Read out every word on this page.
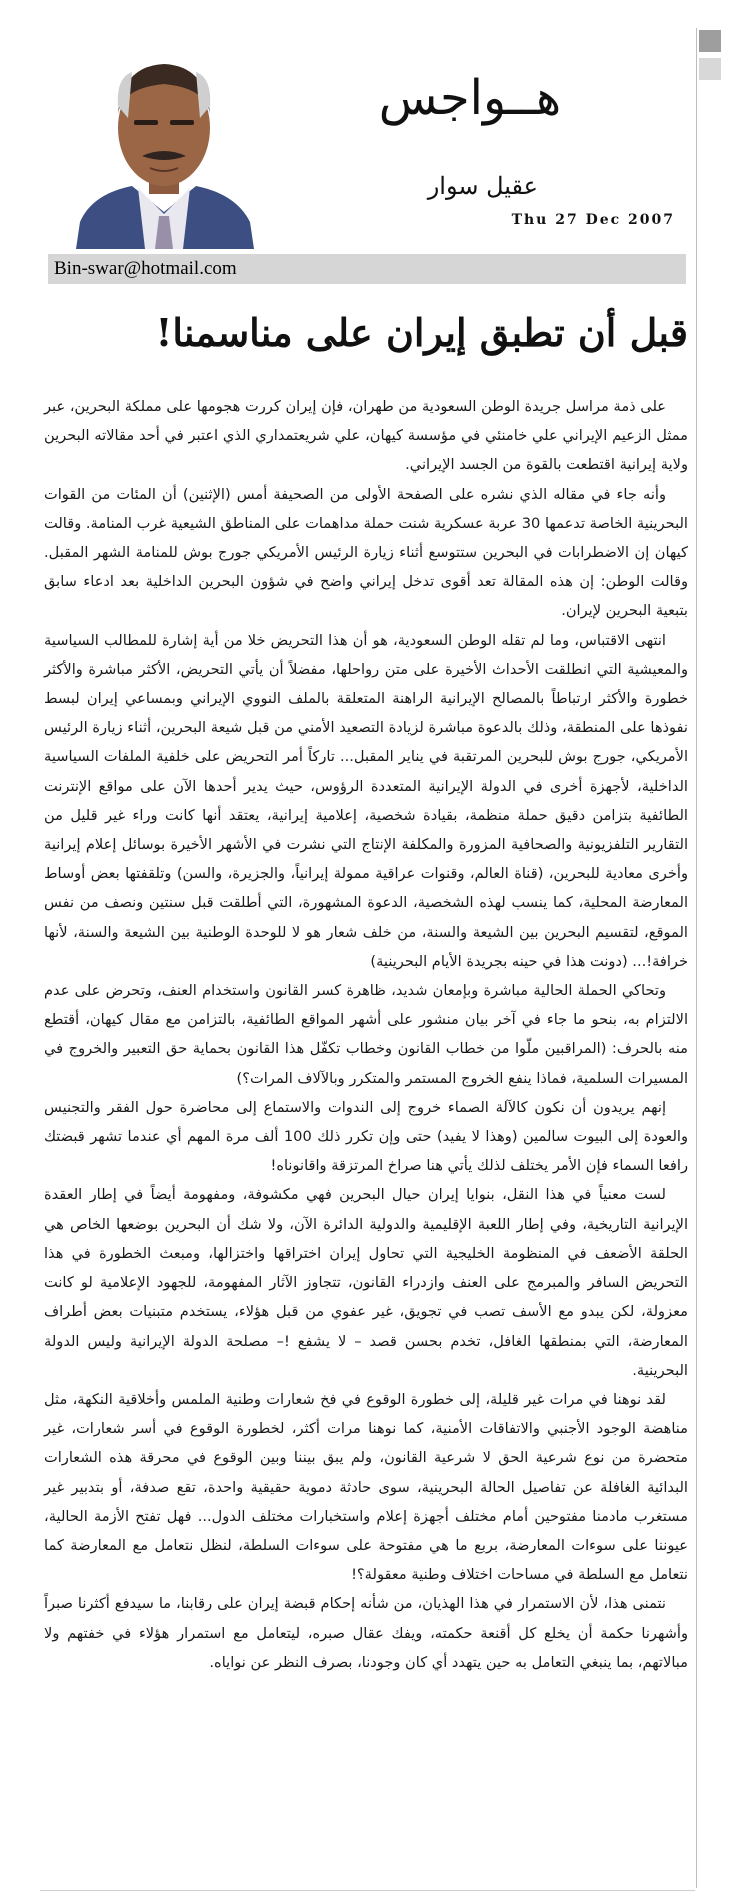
هــواجس
عقيل سوار
Thu 27 Dec 2007
Bin-swar@hotmail.com
قبل أن تطبق إيران على مناسمنا!

على ذمة مراسل جريدة الوطن السعودية من طهران، فإن إيران كررت هجومها على مملكة البحرين، عبر ممثل الزعيم الإيراني علي خامنئي في مؤسسة كيهان، علي شريعتمداري الذي اعتبر في أحد مقالاته البحرين ولاية إيرانية اقتطعت بالقوة من الجسد الإيراني.

وأنه جاء في مقاله الذي نشره على الصفحة الأولى من الصحيفة أمس (الإثنين) أن المئات من القوات البحرينية الخاصة تدعمها 30 عربة عسكرية شنت حملة مداهمات على المناطق الشيعية غرب المنامة. وقالت كيهان إن الاضطرابات في البحرين ستتوسع أثناء زيارة الرئيس الأمريكي جورج بوش للمنامة الشهر المقبل. وقالت الوطن: إن هذه المقالة تعد أقوى تدخل إيراني واضح في شؤون البحرين الداخلية بعد ادعاء سابق بتبعية البحرين لإيران.

انتهى الاقتباس، وما لم تقله الوطن السعودية، هو أن هذا التحريض خلا من أية إشارة للمطالب السياسية والمعيشية التي انطلقت الأحداث الأخيرة على متن رواحلها، مفضلاً أن يأتي التحريض، الأكثر مباشرة والأكثر خطورة والأكثر ارتباطاً بالمصالح الإيرانية الراهنة المتعلقة بالملف النووي الإيراني وبمساعي إيران لبسط نفوذها على المنطقة، وذلك بالدعوة مباشرة لزيادة التصعيد الأمني من قبل شيعة البحرين، أثناء زيارة الرئيس الأمريكي، جورج بوش للبحرين المرتقبة في يناير المقبل... تاركاً أمر التحريض على خلفية الملفات السياسية الداخلية، لأجهزة أخرى في الدولة الإيرانية المتعددة الرؤوس، حيث يدير أحدها الآن على مواقع الإنترنت الطائفية بتزامن دقيق حملة منظمة، بقيادة شخصية، إعلامية إيرانية، يعتقد أنها كانت وراء غير قليل من التقارير التلفزيونية والصحافية المزورة والمكلفة الإنتاج التي نشرت في الأشهر الأخيرة بوسائل إعلام إيرانية وأخرى معادية للبحرين، (قناة العالم، وقنوات عراقية ممولة إيرانياً، والجزيرة، والسن) وتلقفتها بعض أوساط المعارضة المحلية، كما ينسب لهذه الشخصية، الدعوة المشهورة، التي أطلقت قبل سنتين ونصف من نفس الموقع، لتقسيم البحرين بين الشيعة والسنة، من خلف شعار هو لا للوحدة الوطنية بين الشيعة والسنة، لأنها خرافة!... (دونت هذا في حينه بجريدة الأيام البحرينية)

وتحاكي الحملة الحالية مباشرة وبإمعان شديد، ظاهرة كسر القانون واستخدام العنف، وتحرض على عدم الالتزام به، بنحو ما جاء في آخر بيان منشور على أشهر المواقع الطائفية، بالتزامن مع مقال كيهان، أقتطع منه بالحرف: (المراقبين ملّوا من خطاب القانون وخطاب تكفّل هذا القانون بحماية حق التعبير والخروج في المسيرات السلمية، فماذا ينفع الخروج المستمر والمتكرر وبالآلاف المرات؟)

إنهم يريدون أن نكون كالآلة الصماء خروج إلى الندوات والاستماع إلى محاضرة حول الفقر والتجنيس والعودة إلى البيوت سالمين (وهذا لا يفيد) حتى وإن تكرر ذلك 100 ألف مرة المهم أي عندما تشهر قبضتك رافعا السماء فإن الأمر يختلف لذلك يأتي هنا صراخ المرتزقة واقانوناه!

لست معنياً في هذا النقل، بنوايا إيران حيال البحرين فهي مكشوفة، ومفهومة أيضاً في إطار العقدة الإيرانية التاريخية، وفي إطار اللعبة الإقليمية والدولية الدائرة الآن، ولا شك أن البحرين بوضعها الخاص هي الحلقة الأضعف في المنظومة الخليجية التي تحاول إيران اختراقها واختزالها، ومبعث الخطورة في هذا التحريض السافر والمبرمج على العنف وازدراء القانون، تتجاوز الآثار المفهومة، للجهود الإعلامية لو كانت معزولة، لكن يبدو مع الأسف تصب في تجويق، غير عفوي من قبل هؤلاء، يستخدم متبنيات بعض أطراف المعارضة، التي بمنطقها الغافل، تخدم بحسن قصد – لا يشفع !– مصلحة الدولة الإيرانية وليس الدولة البحرينية.

لقد نوهنا في مرات غير قليلة، إلى خطورة الوقوع في فخ شعارات وطنية الملمس وأخلاقية النكهة، مثل مناهضة الوجود الأجنبي والاتفاقات الأمنية، كما نوهنا مرات أكثر، لخطورة الوقوع في أسر شعارات، غير متحضرة من نوع شرعية الحق لا شرعية القانون، ولم يبق بيننا وبين الوقوع في محرقة هذه الشعارات البدائية الغافلة عن تفاصيل الحالة البحرينية، سوى حادثة دموية حقيقية واحدة، تقع صدفة، أو بتدبير غير مستغرب مادمنا مفتوحين أمام مختلف أجهزة إعلام واستخبارات مختلف الدول... فهل تفتح الأزمة الحالية، عيوننا على سوءات المعارضة، بربع ما هي مفتوحة على سوءات السلطة، لنظل نتعامل مع المعارضة كما نتعامل مع السلطة في مساحات اختلاف وطنية معقولة؟!

نتمنى هذا، لأن الاستمرار في هذا الهذيان، من شأنه إحكام قبضة إيران على رقابنا، ما سيدفع أكثرنا صبراً وأشهرنا حكمة أن يخلع كل أقنعة حكمته، ويفك عقال صبره، ليتعامل مع استمرار هؤلاء في خفتهم ولا مبالاتهم، بما ينبغي التعامل به حين يتهدد أي كان وجودنا، بصرف النظر عن نواياه.
